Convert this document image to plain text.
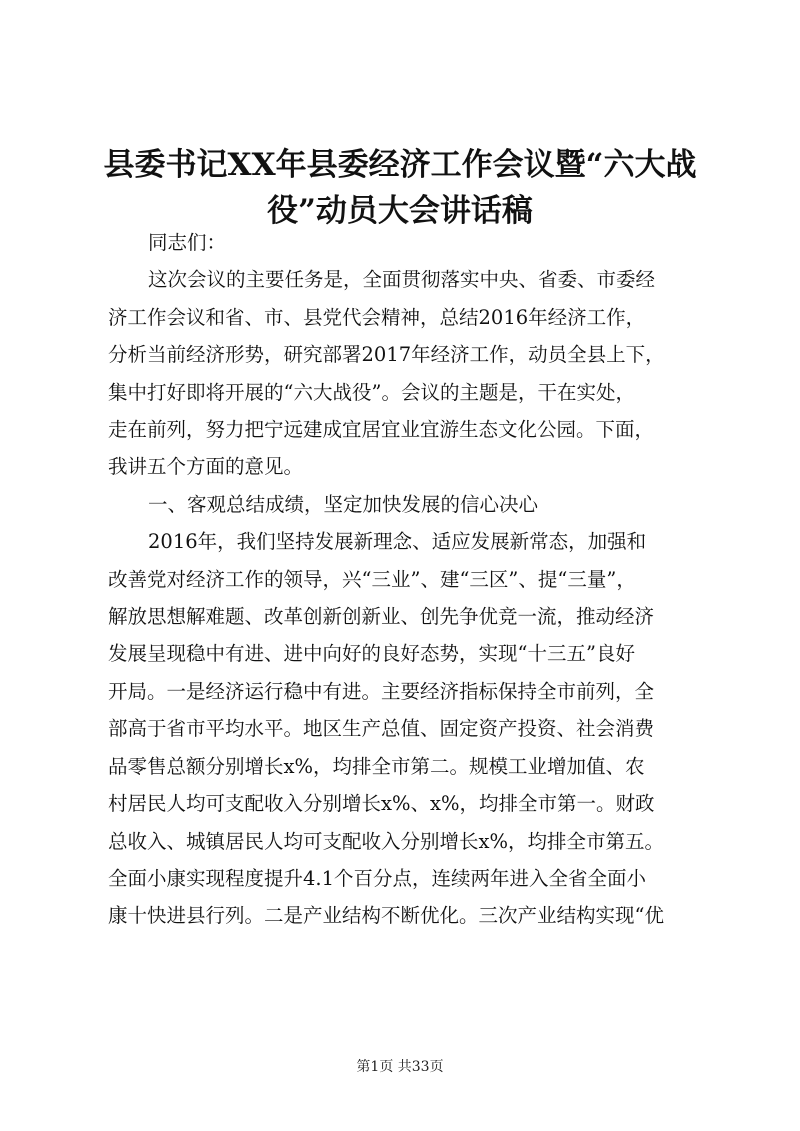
县委书记XX年县委经济工作会议暨“六大战
役”动员大会讲话稿

同志们：

这次会议的主要任务是，全面贯彻落实中央、省委、市委经
济工作会议和省、市、县党代会精神，总结2016年经济工作，
分析当前经济形势，研究部署2017年经济工作，动员全县上下，
集中打好即将开展的“六大战役”。会议的主题是，干在实处，
走在前列，努力把宁远建成宜居宜业宜游生态文化公园。下面，
我讲五个方面的意见。

一、客观总结成绩，坚定加快发展的信心决心

2016年，我们坚持发展新理念、适应发展新常态，加强和
改善党对经济工作的领导，兴“三业”、建“三区”、提“三量”，
解放思想解难题、改革创新创新业、创先争优竞一流，推动经济
发展呈现稳中有进、进中向好的良好态势，实现“十三五”良好
开局。一是经济运行稳中有进。主要经济指标保持全市前列，全
部高于省市平均水平。地区生产总值、固定资产投资、社会消费
品零售总额分别增长x%，均排全市第二。规模工业增加值、农
村居民人均可支配收入分别增长x%、x%，均排全市第一。财政
总收入、城镇居民人均可支配收入分别增长x%，均排全市第五。
全面小康实现程度提升4.1个百分点，连续两年进入全省全面小
康十快进县行列。二是产业结构不断优化。三次产业结构实现“优

第1页 共33页
